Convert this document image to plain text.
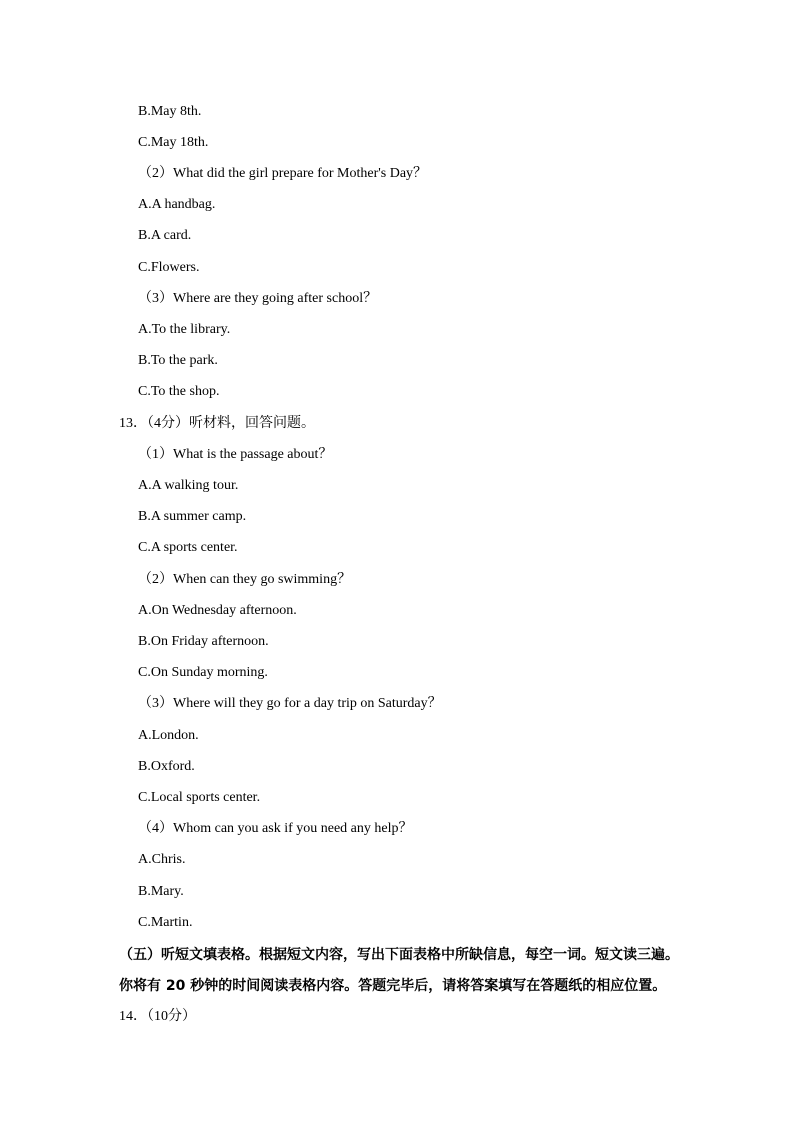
B.May 8th.
C.May 18th.
（2）What did the girl prepare for Mother's Day？
A.A handbag.
B.A card.
C.Flowers.
（3）Where are they going after school？
A.To the library.
B.To the park.
C.To the shop.
13．（4分）听材料，回答问题。
（1）What is the passage about？
A.A walking tour.
B.A summer camp.
C.A sports center.
（2）When can they go swimming？
A.On Wednesday afternoon.
B.On Friday afternoon.
C.On Sunday morning.
（3）Where will they go for a day trip on Saturday？
A.London.
B.Oxford.
C.Local sports center.
（4）Whom can you ask if you need any help？
A.Chris.
B.Mary.
C.Martin.
（五）听短文填表格。根据短文内容，写出下面表格中所缺信息，每空一词。短文读三遍。
你将有 20 秒钟的时间阅读表格内容。答题完毕后，请将答案填写在答题纸的相应位置。
14．（10分）
